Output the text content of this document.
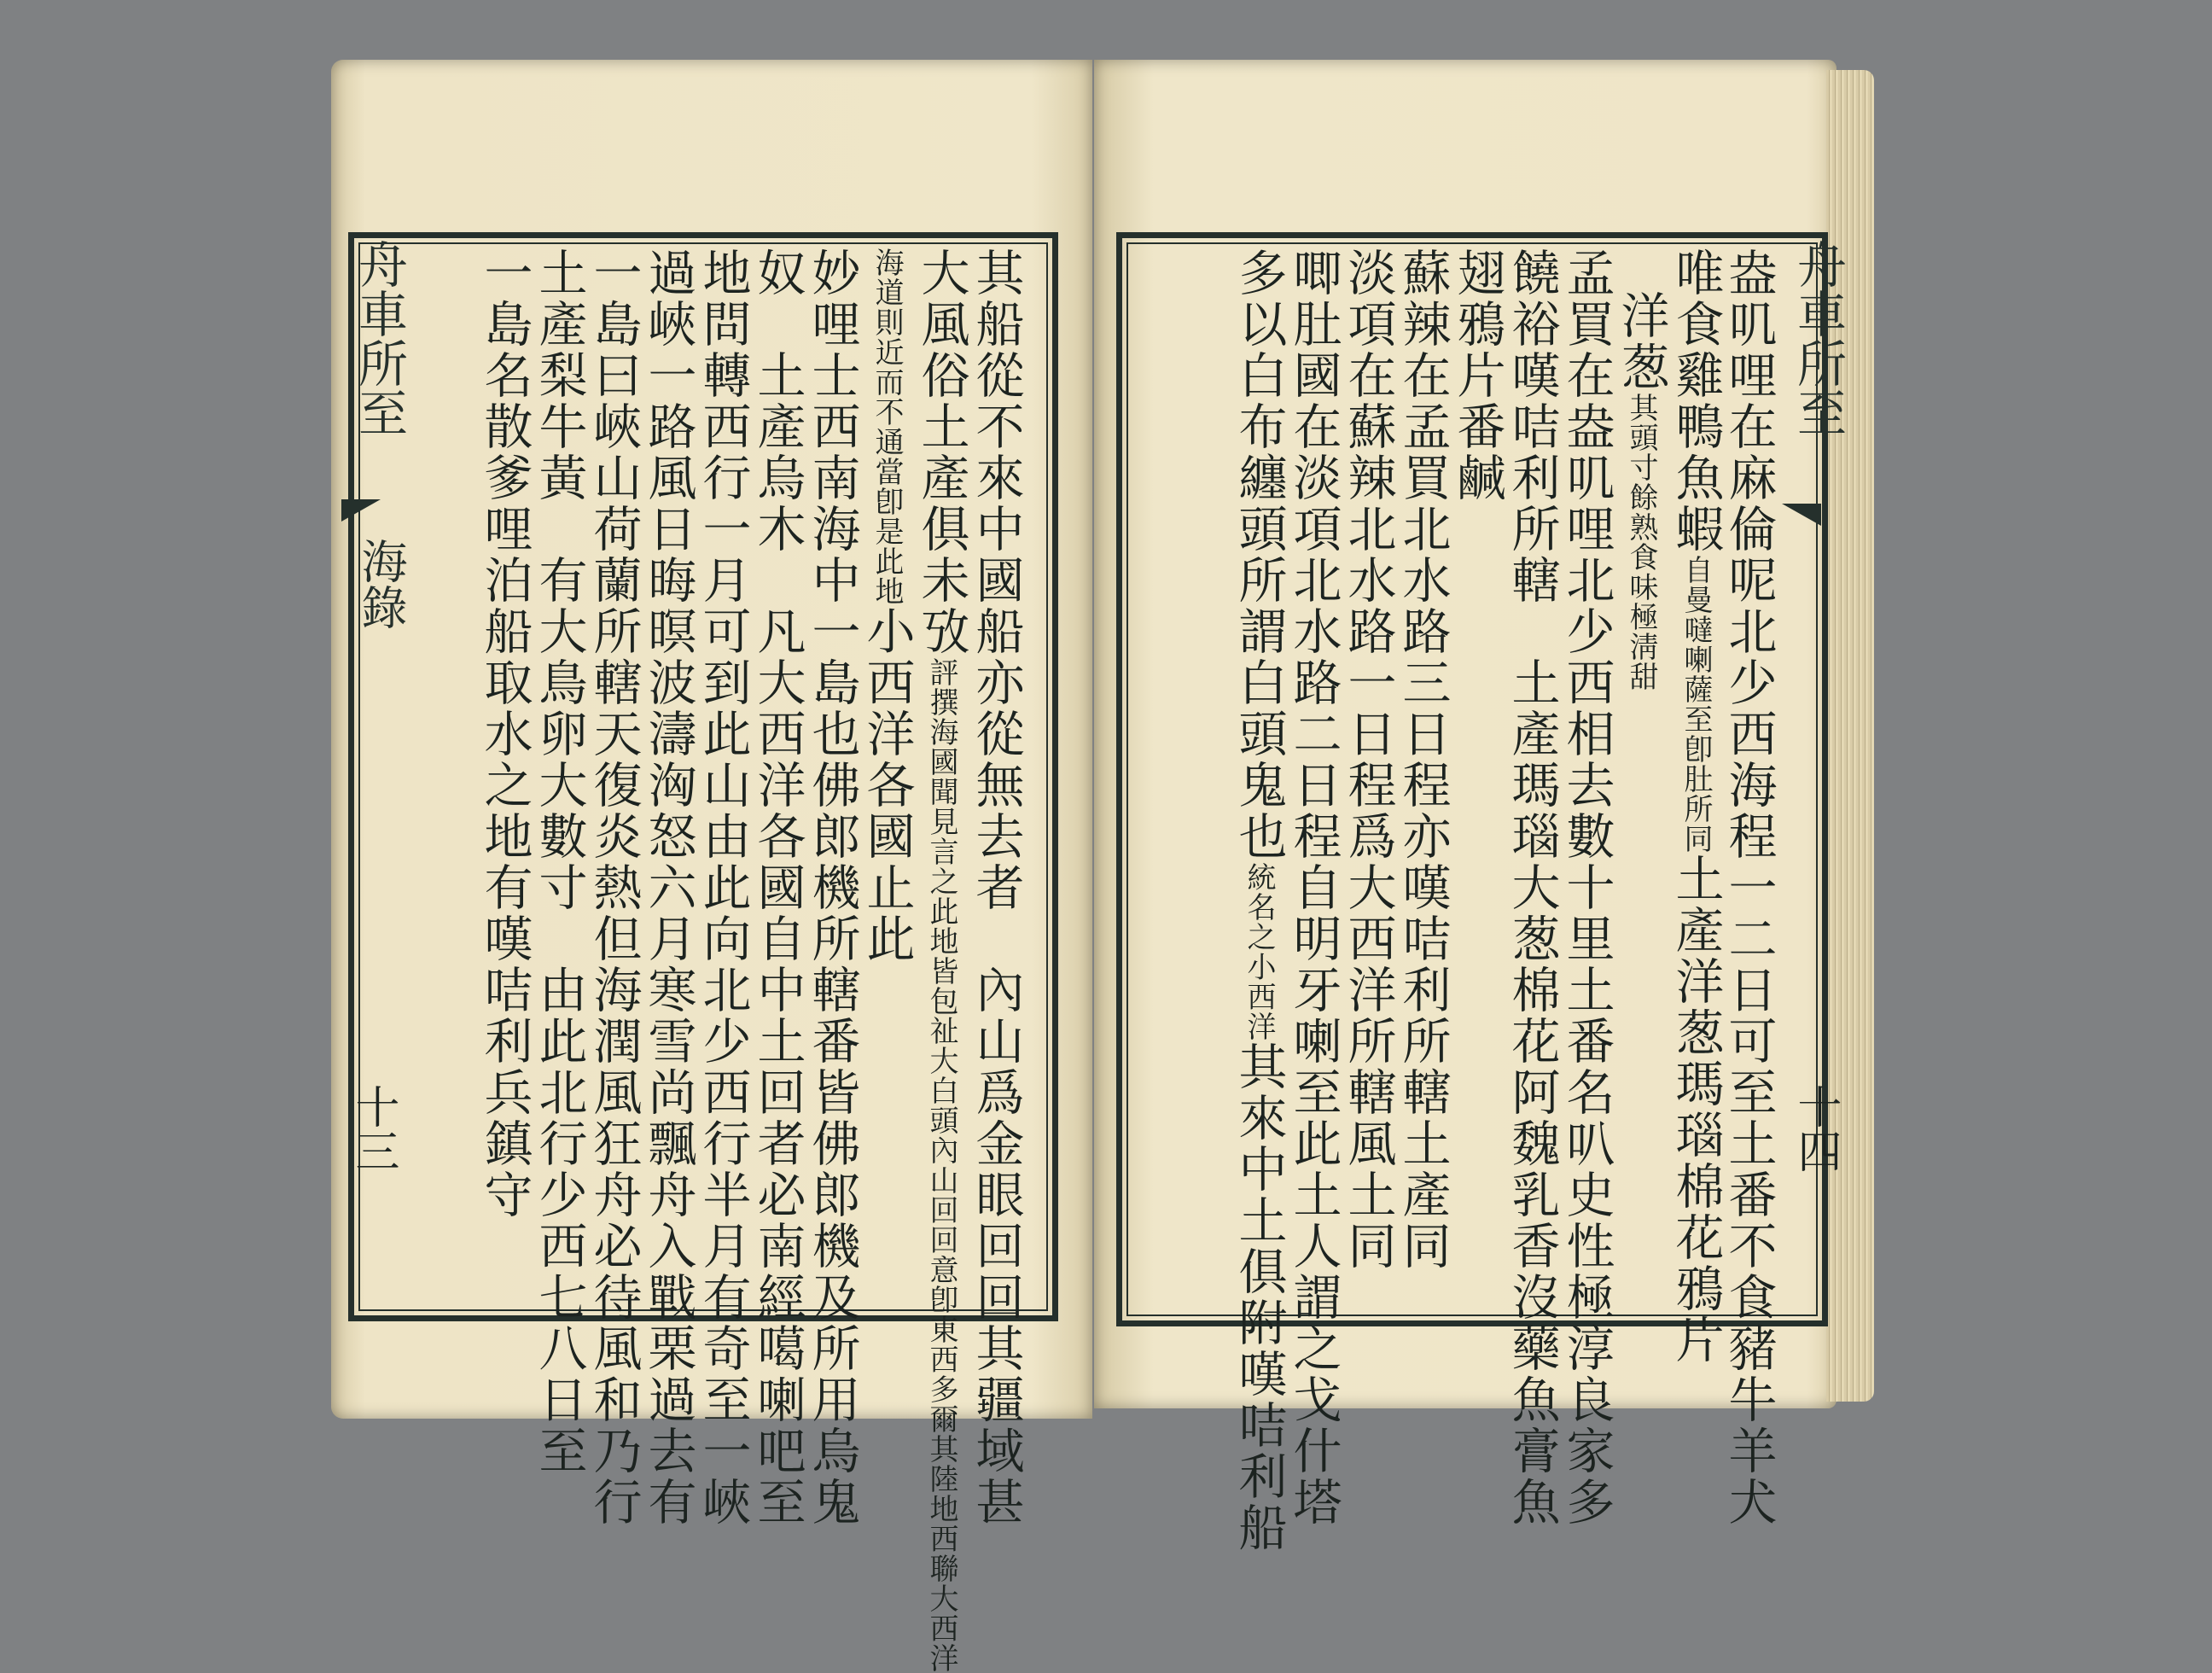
其船從不來中國船亦從無去者　內山爲金眼回回其疆域甚
大風俗土產俱未攷評撰海國聞見言之此地皆包祉大白頭內山回回意卽東西多爾其陸地西聯大西洋
海道則近而不通當卽是此地小西洋各國止此
妙哩士西南海中一島也佛郎機所轄番皆佛郎機及所用烏鬼
奴　土產烏木　凡大西洋各國自中土回者必南經噶喇吧至
地問轉西行一月可到此山由此向北少西行半月有奇至一峽
過峽一路風日晦暝波濤洶怒六月寒雪尚飄舟入戰栗過去有
一島曰峽山荷蘭所轄天復炎熱但海潤風狂舟必待風和乃行
土產梨牛黃　有大鳥卵大數寸　由此北行少西七八日至
一島名散爹哩泊船取水之地有嘆咭利兵鎮守
舟車所至
海錄
十三	盎叽哩在麻倫呢北少西海程一二日可至土番不食豬牛羊犬
唯食雞鴨魚蝦自曼噠喇薩至卽肚所同土產洋葱瑪瑙棉花鴉片
洋葱其頭寸餘熟食味極淸甜
孟買在盎叽哩北少西相去數十里土番名叭史性極淳良家多
饒裕嘆咭利所轄　土產瑪瑙大葱棉花阿魏乳香沒藥魚膏魚
翅鴉片番鹹
蘇辣在孟買北水路三日程亦嘆咭利所轄土產同
淡項在蘇辣北水路一日程爲大西洋所轄風土同
唧肚國在淡項北水路二日程自明牙喇至此土人謂之戈什塔
多以白布纏頭所謂白頭鬼也統名之小西洋其來中土俱附嘆咭利船
舟車所至
十四
